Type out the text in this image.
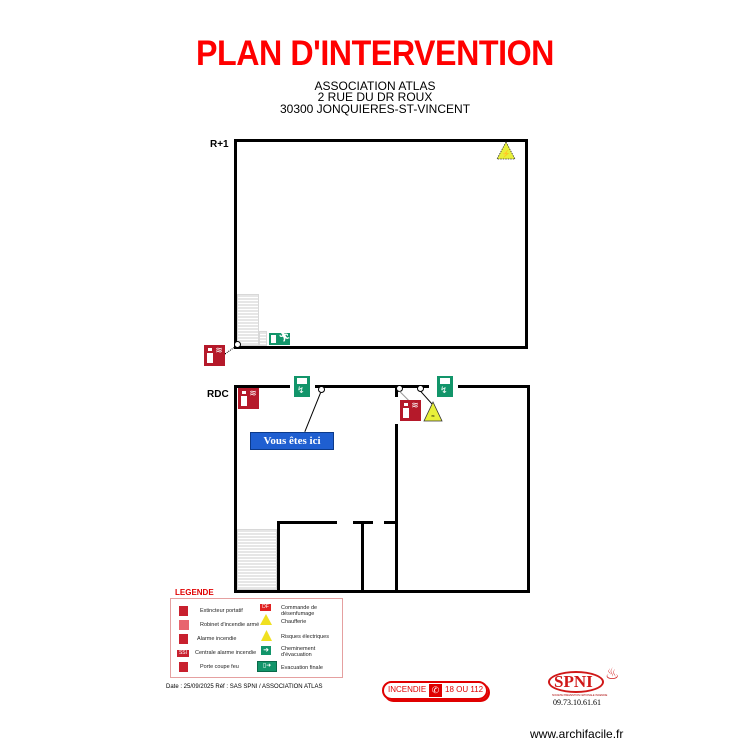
PLAN D'INTERVENTION
ASSOCIATION ATLAS
2 RUE DU DR ROUX
30300 JONQUIERES-ST-VINCENT
R+1
⚡
🏃︎
≋
RDC ≋	↯	↯
≋
≈
Vous êtes ici
LEGENDE
SSI
Extincteur portatif
Robinet d'incendie armé
Alarme incendie
Centrale alarme incendie
Porte coupe feu
DF
➜
▯➜
Commande de désenfumage
Chaufferie
Risques électriques
Cheminement d'évacuation
Evacuation finale
Date : 25/09/2025 Réf : SAS SPNI / ASSOCIATION ATLAS	INCENDIE ✆ 18 OU 112	SPNI ♨
SOCIETE PREVENTION NATIONALE INCENDIE
09.73.10.61.61
www.archifacile.fr
